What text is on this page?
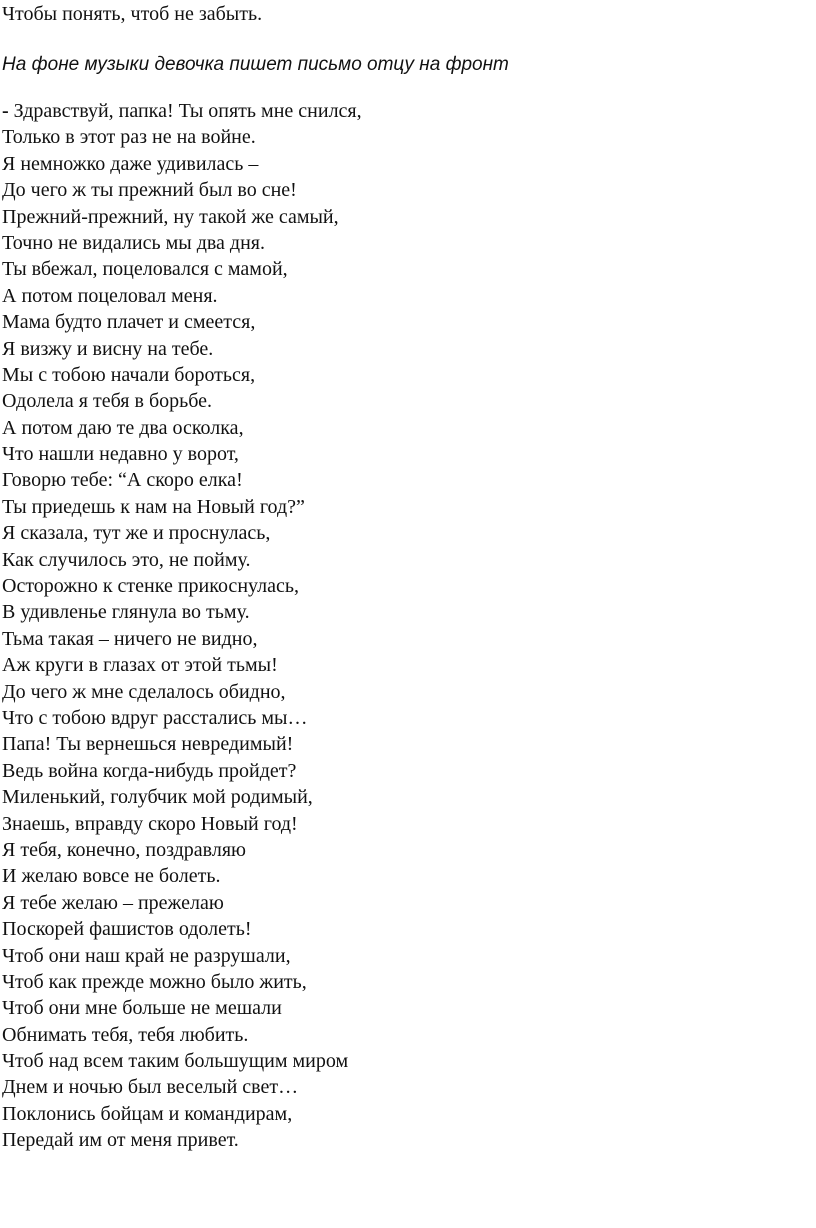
Чтобы понять, чтоб не забыть.
На фоне музыки девочка пишет письмо отцу на фронт
- Здравствуй, папка! Ты опять мне снился,
Только в этот раз не на войне.
Я немножко даже удивилась –
До чего ж ты прежний был во сне!
Прежний-прежний, ну такой же самый,
Точно не видались мы два дня.
Ты вбежал, поцеловался с мамой,
А потом поцеловал меня.
Мама будто плачет и смеется,
Я визжу и висну на тебе.
Мы с тобою начали бороться,
Одолела я тебя в борьбе.
А потом даю те два осколка,
Что нашли недавно у ворот,
Говорю тебе: “А скоро елка!
Ты приедешь к нам на Новый год?”
Я сказала, тут же и проснулась,
Как случилось это, не пойму.
Осторожно к стенке прикоснулась,
В удивленье глянула во тьму.
Тьма такая – ничего не видно,
Аж круги в глазах от этой тьмы!
До чего ж мне сделалось обидно,
Что с тобою вдруг расстались мы…
Папа! Ты вернешься невредимый!
Ведь война когда-нибудь пройдет?
Миленький, голубчик мой родимый,
Знаешь, вправду скоро Новый год!
Я тебя, конечно, поздравляю
И желаю вовсе не болеть.
Я тебе желаю – прежелаю
Поскорей фашистов одолеть!
Чтоб они наш край не разрушали,
Чтоб как прежде можно было жить,
Чтоб они мне больше не мешали
Обнимать тебя, тебя любить.
Чтоб над всем таким большущим миром
Днем и ночью был веселый свет…
Поклонись бойцам и командирам,
Передай им от меня привет.
